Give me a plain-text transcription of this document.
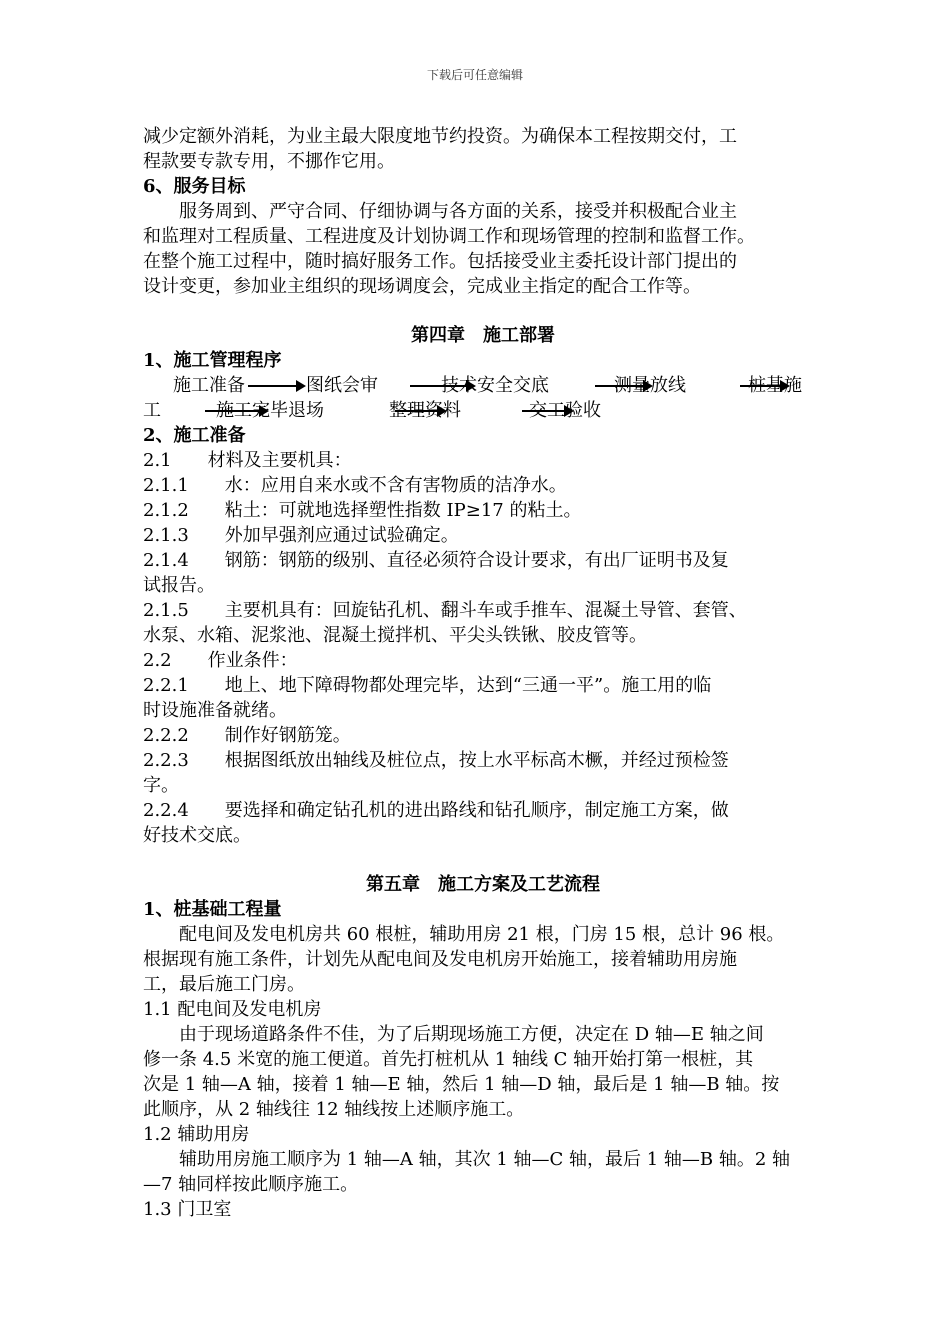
下载后可任意编辑
减少定额外消耗，为业主最大限度地节约投资。为确保本工程按期交付，工
程款要专款专用，不挪作它用。
6、服务目标
　　服务周到、严守合同、仔细协调与各方面的关系，接受并积极配合业主
和监理对工程质量、工程进度及计划协调工作和现场管理的控制和监督工作。
在整个施工过程中，随时搞好服务工作。包括接受业主委托设计部门提出的
设计变更，参加业主组织的现场调度会，完成业主指定的配合工作等。
第四章　施工部署
1、施工管理程序
施工准备	图纸会审	技术安全交底	测量放线	桩基施
工	施工完毕退场	整理资料	交工验收
2、施工准备
2.1　　材料及主要机具：
2.1.1　　水：应用自来水或不含有害物质的洁净水。
2.1.2　　粘土：可就地选择塑性指数 IP≥17 的粘土。
2.1.3　　外加早强剂应通过试验确定。
2.1.4　　钢筋：钢筋的级别、直径必须符合设计要求，有出厂证明书及复
试报告。
2.1.5　　主要机具有：回旋钻孔机、翻斗车或手推车、混凝土导管、套管、
水泵、水箱、泥浆池、混凝土搅拌机、平尖头铁锹、胶皮管等。
2.2　　作业条件：
2.2.1　　地上、地下障碍物都处理完毕，达到“三通一平”。施工用的临
时设施准备就绪。
2.2.2　　制作好钢筋笼。
2.2.3　　根据图纸放出轴线及桩位点，按上水平标高木橛，并经过预检签
字。
2.2.4　　要选择和确定钻孔机的进出路线和钻孔顺序，制定施工方案，做
好技术交底。
第五章　施工方案及工艺流程
1、桩基础工程量
　　配电间及发电机房共 60 根桩，辅助用房 21 根，门房 15 根，总计 96 根。
根据现有施工条件，计划先从配电间及发电机房开始施工，接着辅助用房施
工，最后施工门房。
1.1 配电间及发电机房
　　由于现场道路条件不佳，为了后期现场施工方便，决定在 D 轴—E 轴之间
修一条 4.5 米宽的施工便道。首先打桩机从 1 轴线 C 轴开始打第一根桩，其
次是 1 轴—A 轴，接着 1 轴—E 轴，然后 1 轴—D 轴，最后是 1 轴—B 轴。按
此顺序，从 2 轴线往 12 轴线按上述顺序施工。
1.2 辅助用房
　　辅助用房施工顺序为 1 轴—A 轴，其次 1 轴—C 轴，最后 1 轴—B 轴。2 轴
—7 轴同样按此顺序施工。
1.3 门卫室
